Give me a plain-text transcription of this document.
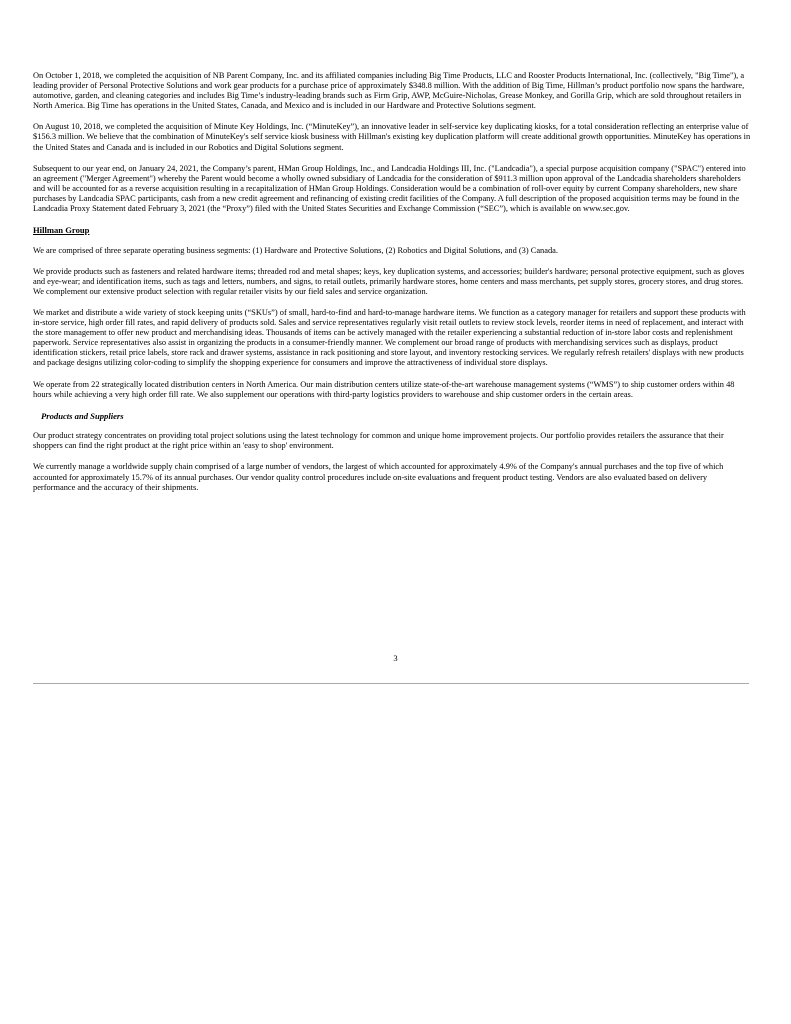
On October 1, 2018, we completed the acquisition of NB Parent Company, Inc. and its affiliated companies including Big Time Products, LLC and Rooster Products International, Inc. (collectively, "Big Time"), a leading provider of Personal Protective Solutions and work gear products for a purchase price of approximately $348.8 million. With the addition of Big Time, Hillman’s product portfolio now spans the hardware, automotive, garden, and cleaning categories and includes Big Time’s industry-leading brands such as Firm Grip, AWP, McGuire-Nicholas, Grease Monkey, and Gorilla Grip, which are sold throughout retailers in North America. Big Time has operations in the United States, Canada, and Mexico and is included in our Hardware and Protective Solutions segment.

On August 10, 2018, we completed the acquisition of Minute Key Holdings, Inc. (“MinuteKey”), an innovative leader in self-service key duplicating kiosks, for a total consideration reflecting an enterprise value of $156.3 million. We believe that the combination of MinuteKey's self service kiosk business with Hillman's existing key duplication platform will create additional growth opportunities. MinuteKey has operations in the United States and Canada and is included in our Robotics and Digital Solutions segment.

Subsequent to our year end, on January 24, 2021, the Company’s parent, HMan Group Holdings, Inc., and Landcadia Holdings III, Inc. ("Landcadia"), a special purpose acquisition company ("SPAC") entered into an agreement ("Merger Agreement") whereby the Parent would become a wholly owned subsidiary of Landcadia for the consideration of $911.3 million upon approval of the Landcadia shareholders shareholders and will be accounted for as a reverse acquisition resulting in a recapitalization of HMan Group Holdings. Consideration would be a combination of roll-over equity by current Company shareholders, new share purchases by Landcadia SPAC participants, cash from a new credit agreement and refinancing of existing credit facilities of the Company. A full description of the proposed acquisition terms may be found in the Landcadia Proxy Statement dated February 3, 2021 (the “Proxy”) filed with the United States Securities and Exchange Commission (“SEC”), which is available on www.sec.gov.

Hillman Group

We are comprised of three separate operating business segments: (1) Hardware and Protective Solutions, (2) Robotics and Digital Solutions, and (3) Canada.

We provide products such as fasteners and related hardware items; threaded rod and metal shapes; keys, key duplication systems, and accessories; builder's hardware; personal protective equipment, such as gloves and eye-wear; and identification items, such as tags and letters, numbers, and signs, to retail outlets, primarily hardware stores, home centers and mass merchants, pet supply stores, grocery stores, and drug stores. We complement our extensive product selection with regular retailer visits by our field sales and service organization.

We market and distribute a wide variety of stock keeping units (“SKUs”) of small, hard-to-find and hard-to-manage hardware items. We function as a category manager for retailers and support these products with in-store service, high order fill rates, and rapid delivery of products sold. Sales and service representatives regularly visit retail outlets to review stock levels, reorder items in need of replacement, and interact with the store management to offer new product and merchandising ideas. Thousands of items can be actively managed with the retailer experiencing a substantial reduction of in-store labor costs and replenishment paperwork. Service representatives also assist in organizing the products in a consumer-friendly manner. We complement our broad range of products with merchandising services such as displays, product identification stickers, retail price labels, store rack and drawer systems, assistance in rack positioning and store layout, and inventory restocking services. We regularly refresh retailers' displays with new products and package designs utilizing color-coding to simplify the shopping experience for consumers and improve the attractiveness of individual store displays.

We operate from 22 strategically located distribution centers in North America. Our main distribution centers utilize state-of-the-art warehouse management systems (“WMS”) to ship customer orders within 48 hours while achieving a very high order fill rate. We also supplement our operations with third-party logistics providers to warehouse and ship customer orders in the certain areas.

Products and Suppliers

Our product strategy concentrates on providing total project solutions using the latest technology for common and unique home improvement projects. Our portfolio provides retailers the assurance that their shoppers can find the right product at the right price within an 'easy to shop' environment.

We currently manage a worldwide supply chain comprised of a large number of vendors, the largest of which accounted for approximately 4.9% of the Company's annual purchases and the top five of which accounted for approximately 15.7% of its annual purchases. Our vendor quality control procedures include on-site evaluations and frequent product testing. Vendors are also evaluated based on delivery performance and the accuracy of their shipments.

3
